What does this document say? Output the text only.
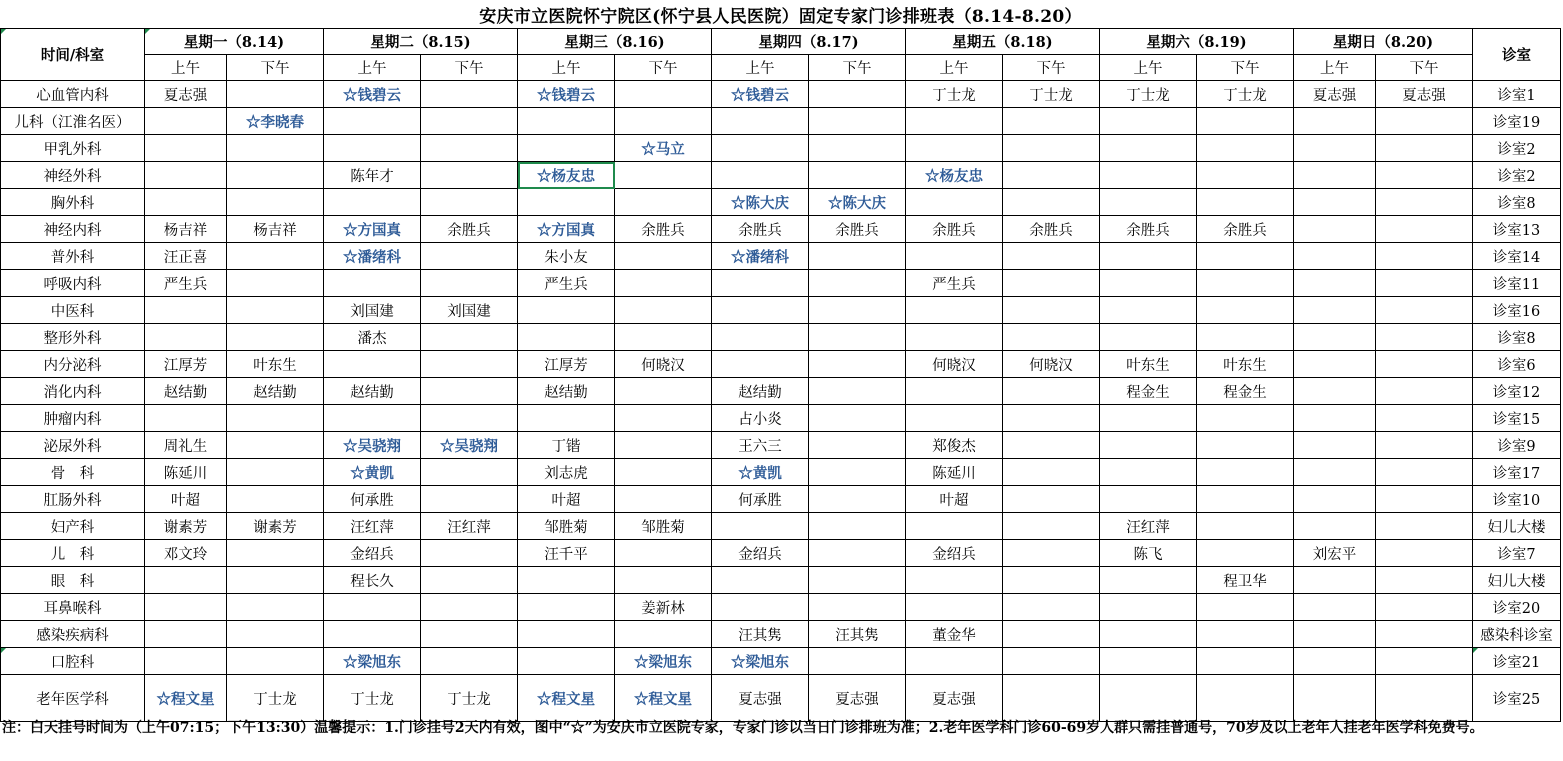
安庆市立医院怀宁院区(怀宁县人民医院）固定专家门诊排班表（8.14-8.20）
时间/科室	星期一（8.14)		星期二（8.15)		星期三（8.16)		星期四（8.17)		星期五（8.18)		星期六（8.19)		星期日（8.20)		诊室
	上午	下午	上午	下午	上午	下午	上午	下午	上午	下午	上午	下午	上午	下午	
心血管内科	夏志强		☆钱碧云		☆钱碧云		☆钱碧云		丁士龙	丁士龙	丁士龙	丁士龙	夏志强	夏志强	诊室1
儿科（江淮名医）		☆李晓春													诊室19
甲乳外科						☆马立									诊室2
神经外科			陈年才		☆杨友忠				☆杨友忠						诊室2
胸外科							☆陈大庆	☆陈大庆							诊室8
神经内科	杨吉祥	杨吉祥	☆方国真	余胜兵	☆方国真	余胜兵	余胜兵	余胜兵	余胜兵	余胜兵	余胜兵	余胜兵			诊室13
普外科	汪正喜		☆潘绪科		朱小友		☆潘绪科								诊室14
呼吸内科	严生兵				严生兵				严生兵						诊室11
中医科			刘国建	刘国建											诊室16
整形外科			潘杰												诊室8
内分泌科	江厚芳	叶东生			江厚芳	何晓汉			何晓汉	何晓汉	叶东生	叶东生			诊室6
消化内科	赵结勤	赵结勤	赵结勤		赵结勤		赵结勤				程金生	程金生			诊室12
肿瘤内科							占小炎								诊室15
泌尿外科	周礼生		☆吴骁翔	☆吴骁翔	丁锴		王六三		郑俊杰						诊室9
骨　科	陈延川		☆黄凯		刘志虎		☆黄凯		陈延川						诊室17
肛肠外科	叶超		何承胜		叶超		何承胜		叶超						诊室10
妇产科	谢素芳	谢素芳	汪红萍	汪红萍	邹胜菊	邹胜菊					汪红萍				妇儿大楼
儿　科	邓文玲		金绍兵		汪千平		金绍兵		金绍兵		陈飞		刘宏平		诊室7
眼　科			程长久									程卫华			妇儿大楼
耳鼻喉科						姜新林									诊室20
感染疾病科							汪其隽	汪其隽	董金华						感染科诊室
口腔科			☆梁旭东			☆梁旭东	☆梁旭东								诊室21
老年医学科	☆程文星	丁士龙	丁士龙	丁士龙	☆程文星	☆程文星	夏志强	夏志强	夏志强						诊室25
注：白天挂号时间为（上午07:15；下午13:30）温馨提示：1.门诊挂号2天内有效，图中“☆”为安庆市立医院专家，专家门诊以当日门诊排班为准；2.老年医学科门诊60-69岁人群只需挂普通号，70岁及以上老年人挂老年医学科免费号。
